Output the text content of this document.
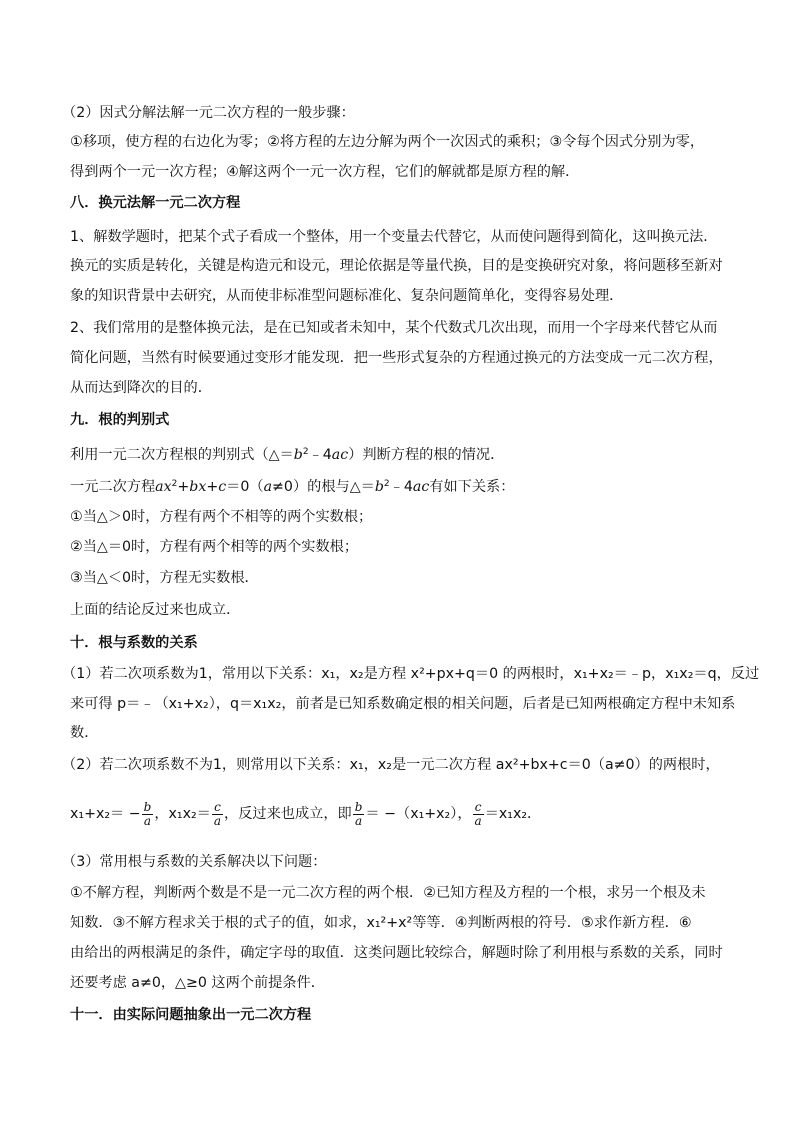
（2）因式分解法解一元二次方程的一般步骤：
①移项，使方程的右边化为零；②将方程的左边分解为两个一次因式的乘积；③令每个因式分别为零，
得到两个一元一次方程；④解这两个一元一次方程，它们的解就都是原方程的解．
八．换元法解一元二次方程
1、解数学题时，把某个式子看成一个整体，用一个变量去代替它，从而使问题得到简化，这叫换元法．
换元的实质是转化，关键是构造元和设元，理论依据是等量代换，目的是变换研究对象，将问题移至新对
象的知识背景中去研究，从而使非标准型问题标准化、复杂问题简单化，变得容易处理．
2、我们常用的是整体换元法，是在已知或者未知中，某个代数式几次出现，而用一个字母来代替它从而
简化问题，当然有时候要通过变形才能发现．把一些形式复杂的方程通过换元的方法变成一元二次方程，
从而达到降次的目的．
九．根的判别式
利用一元二次方程根的判别式$(\triangle=b^2﹣4ac)$判断方程的根的情况．
一元二次方程$ax^2+bx+c=0(a\ne 0)$的根与$\triangle=b^2﹣4ac$有如下关系：
①当△＞0时，方程有两个不相等的两个实数根；
②当△＝0时，方程有两个相等的两个实数根；
③当△＜0时，方程无实数根．
上面的结论反过来也成立．
十．根与系数的关系
（1）若二次项系数为1，常用以下关系：x₁，x₂是方程 x²+px+q＝0 的两根时，x₁+x₂＝﹣p，x₁x₂＝q，反过
来可得 p＝﹣（x₁+x₂），q＝x₁x₂，前者是已知系数确定根的相关问题，后者是已知两根确定方程中未知系
数．
（2）若二次项系数不为1，则常用以下关系：x₁，x₂是一元二次方程 ax²+bx+c＝0（a≠0）的两根时，
$x_1+x_2= - \frac{b}{a}$ ，$x_1x_2= \frac{c}{a}$ ，反过来也成立，即 $\frac{b}{a} = -(x_1+x_2)$， $\frac{c}{a} =x_1x_2$．
（3）常用根与系数的关系解决以下问题：
①不解方程，判断两个数是不是一元二次方程的两个根．②已知方程及方程的一个根，求另一个根及未
知数．③不解方程求关于根的式子的值，如求，x₁²+x²等等．④判断两根的符号．⑤求作新方程．⑥
由给出的两根满足的条件，确定字母的取值．这类问题比较综合，解题时除了利用根与系数的关系，同时
还要考虑 a≠0，△≥0 这两个前提条件．
十一．由实际问题抽象出一元二次方程
